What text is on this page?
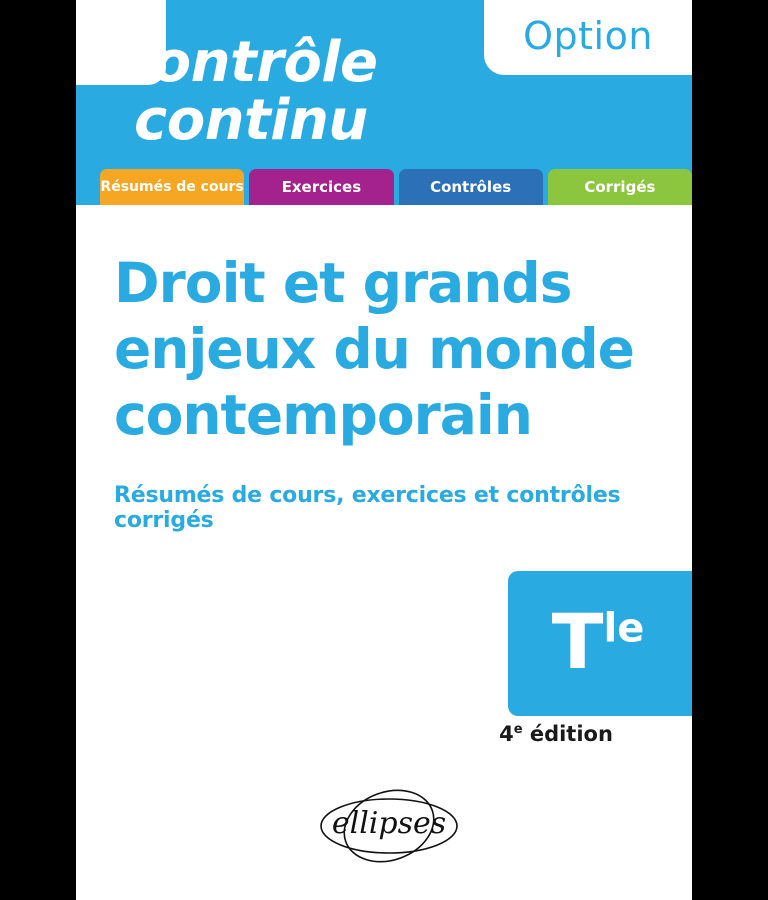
Option
Contrôle
continu
Résumés de cours	Exercices	Contrôles	Corrigés
Droit et grands
enjeux du monde
contemporain
Résumés de cours, exercices et contrôles corrigés
$T^{le}$
4e édition
ellipses
